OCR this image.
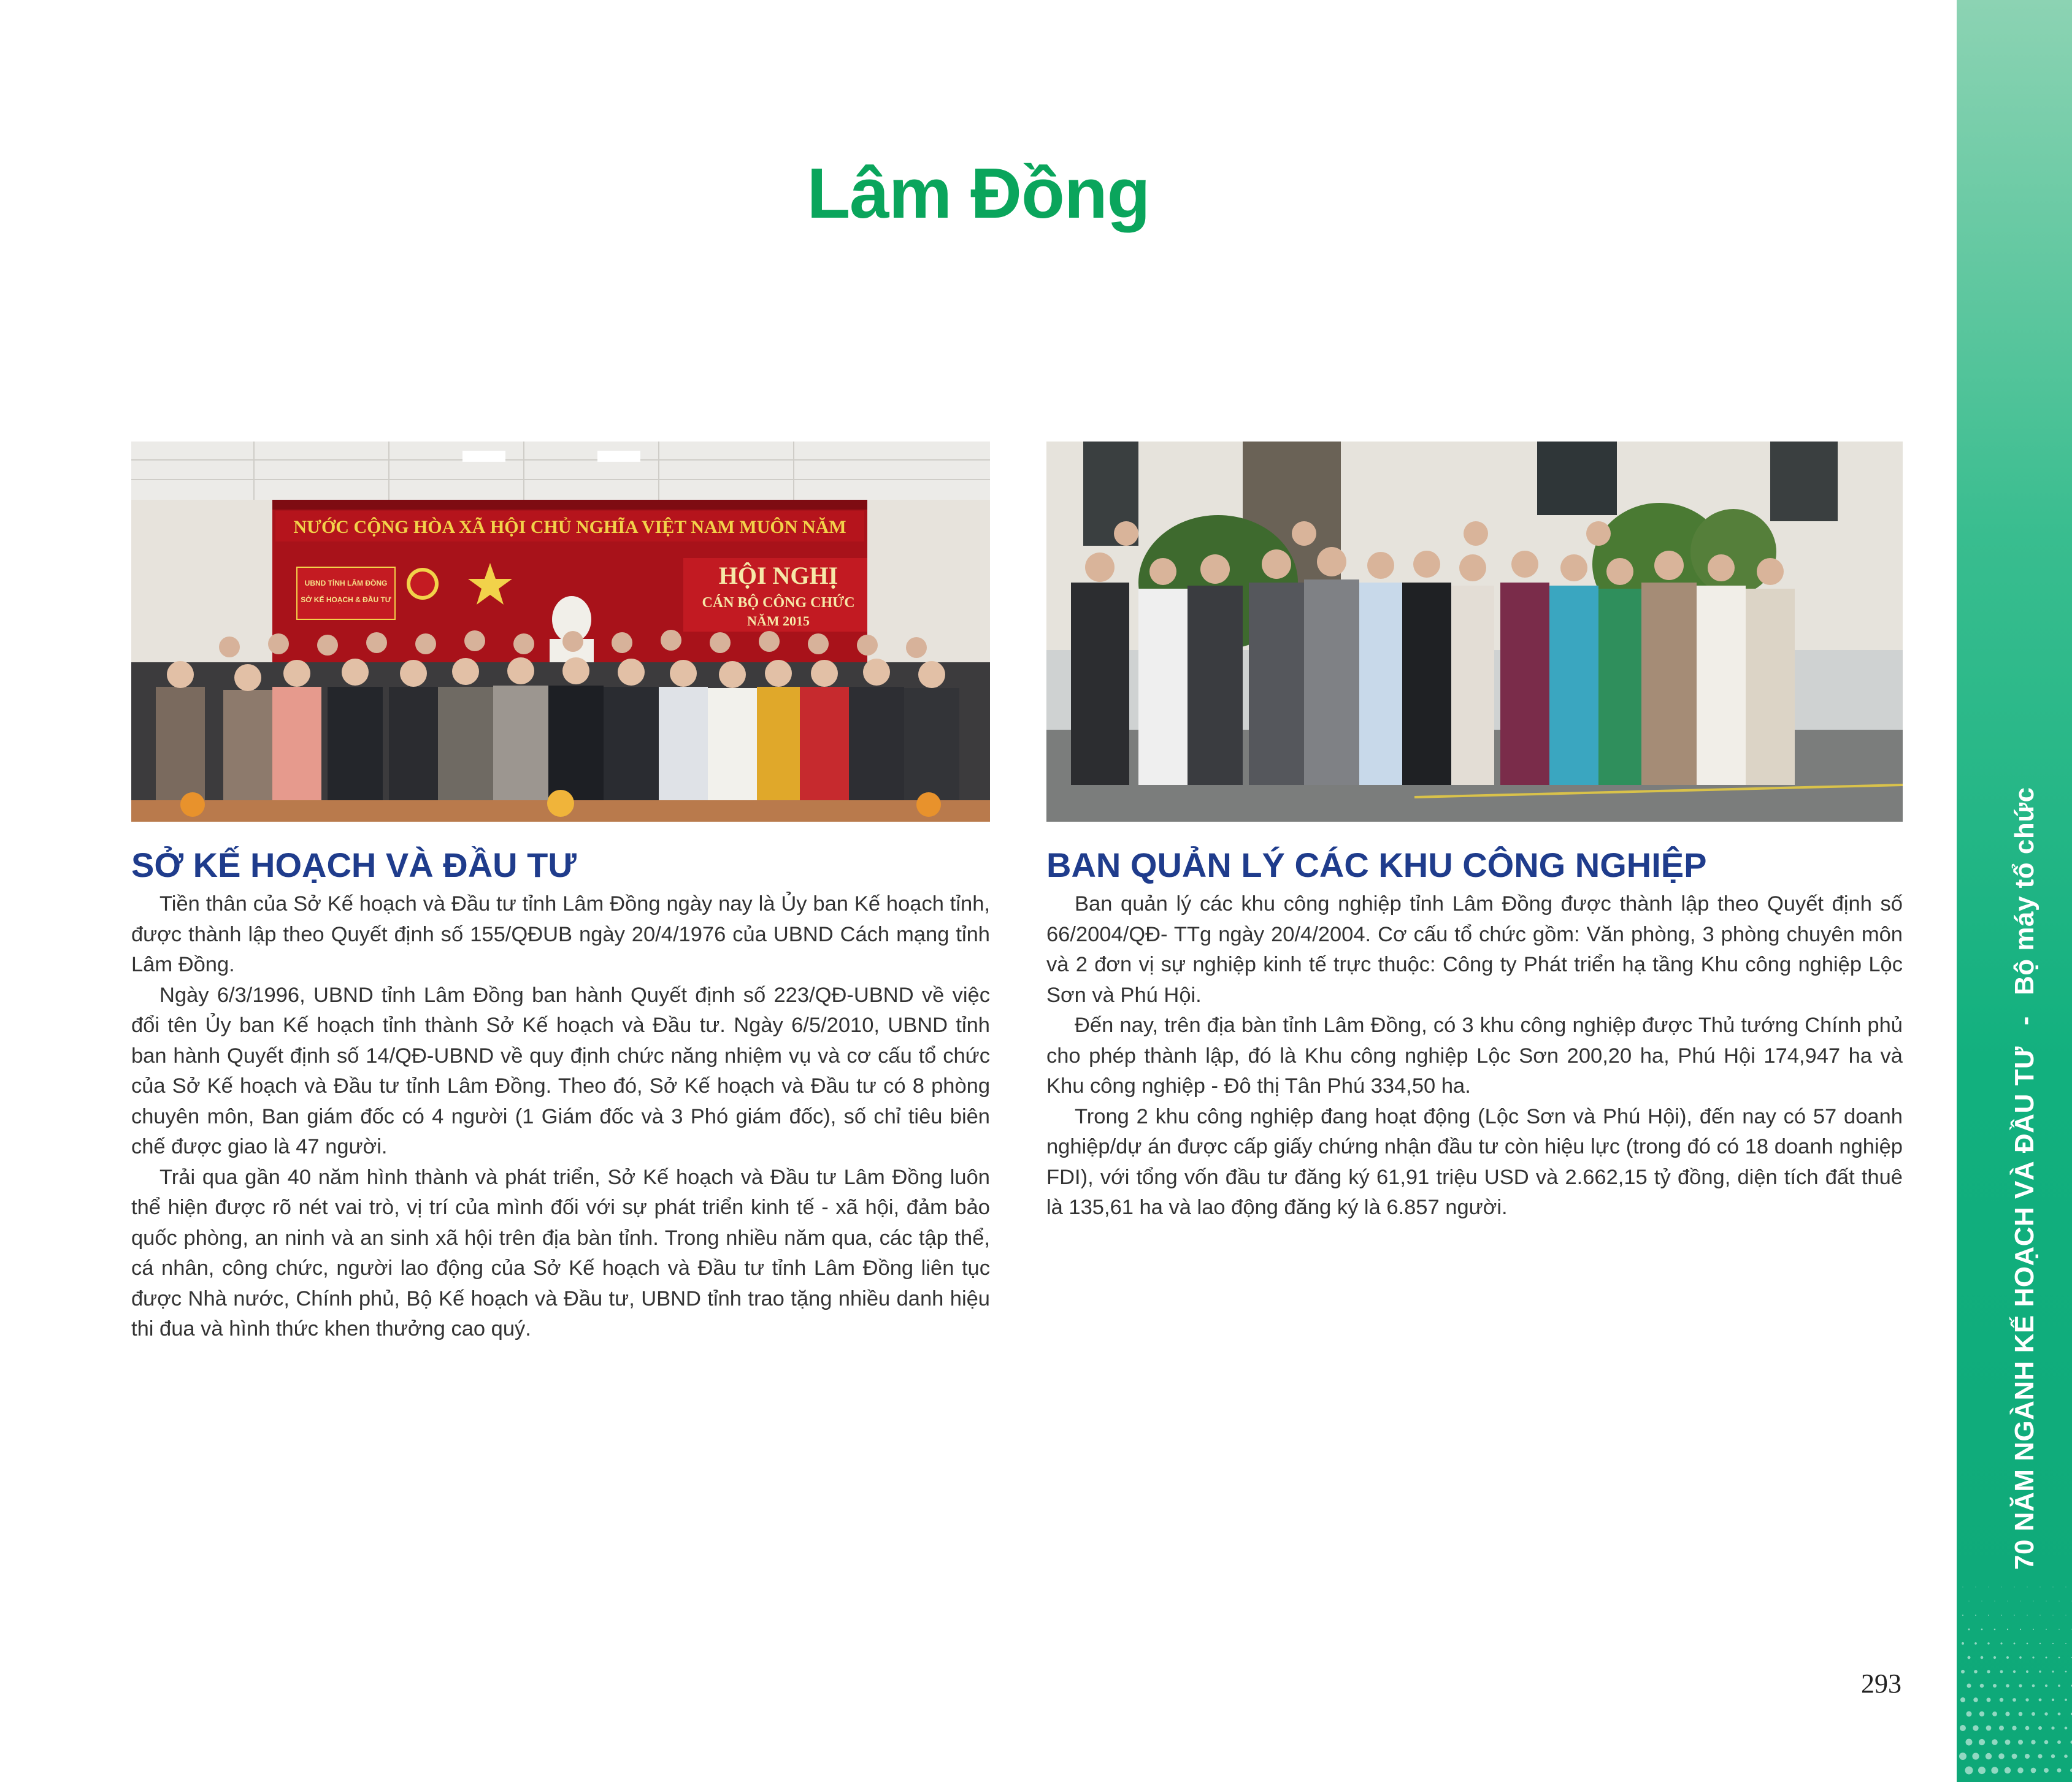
Lâm Đồng
NƯỚC CỘNG HÒA XÃ HỘI CHỦ NGHĨA VIỆT NAM MUÔN NĂM
UBND TỈNH LÂM ĐỒNG
SỞ KẾ HOẠCH & ĐẦU TƯ
HỘI NGHỊ
CÁN BỘ CÔNG CHỨC
NĂM 2015
SỞ KẾ HOẠCH VÀ ĐẦU TƯ

Tiền thân của Sở Kế hoạch và Đầu tư tỉnh Lâm Đồng ngày nay là Ủy ban Kế hoạch tỉnh, được thành lập theo Quyết định số 155/QĐUB ngày 20/4/1976 của UBND Cách mạng tỉnh Lâm Đồng.

Ngày 6/3/1996, UBND tỉnh Lâm Đồng ban hành Quyết định số 223/QĐ-UBND về việc đổi tên Ủy ban Kế hoạch tỉnh thành Sở Kế hoạch và Đầu tư. Ngày 6/5/2010, UBND tỉnh ban hành Quyết định số 14/QĐ-UBND về quy định chức năng nhiệm vụ và cơ cấu tổ chức của Sở Kế hoạch và Đầu tư tỉnh Lâm Đồng. Theo đó, Sở Kế hoạch và Đầu tư có 8 phòng chuyên môn, Ban giám đốc có 4 người (1 Giám đốc và 3 Phó giám đốc), số chỉ tiêu biên chế được giao là 47 người.

Trải qua gần 40 năm hình thành và phát triển, Sở Kế hoạch và Đầu tư Lâm Đồng luôn thể hiện được rõ nét vai trò, vị trí của mình đối với sự phát triển kinh tế - xã hội, đảm bảo quốc phòng, an ninh và an sinh xã hội trên địa bàn tỉnh. Trong nhiều năm qua, các tập thể, cá nhân, công chức, người lao động của Sở Kế hoạch và Đầu tư tỉnh Lâm Đồng liên tục được Nhà nước, Chính phủ, Bộ Kế hoạch và Đầu tư, UBND tỉnh trao tặng nhiều danh hiệu thi đua và hình thức khen thưởng cao quý.

BAN QUẢN LÝ CÁC KHU CÔNG NGHIỆP

Ban quản lý các khu công nghiệp tỉnh Lâm Đồng được thành lập theo Quyết định số 66/2004/QĐ- TTg ngày 20/4/2004. Cơ cấu tổ chức gồm: Văn phòng, 3 phòng chuyên môn và 2 đơn vị sự nghiệp kinh tế trực thuộc: Công ty Phát triển hạ tầng Khu công nghiệp Lộc Sơn và Phú Hội.

Đến nay, trên địa bàn tỉnh Lâm Đồng, có 3 khu công nghiệp được Thủ tướng Chính phủ cho phép thành lập, đó là Khu công nghiệp Lộc Sơn 200,20 ha, Phú Hội 174,947 ha và Khu công nghiệp - Đô thị Tân Phú 334,50 ha.

Trong 2 khu công nghiệp đang hoạt động (Lộc Sơn và Phú Hội), đến nay có 57 doanh nghiệp/dự án được cấp giấy chứng nhận đầu tư còn hiệu lực (trong đó có 18 doanh nghiệp FDI), với tổng vốn đầu tư đăng ký 61,91 triệu USD và 2.662,15 tỷ đồng, diện tích đất thuê là 135,61 ha và lao động đăng ký là 6.857 người.	70 NĂM NGÀNH KẾ HOẠCH VÀ ĐẦU TƯ-Bộ máy tổ chức
293
